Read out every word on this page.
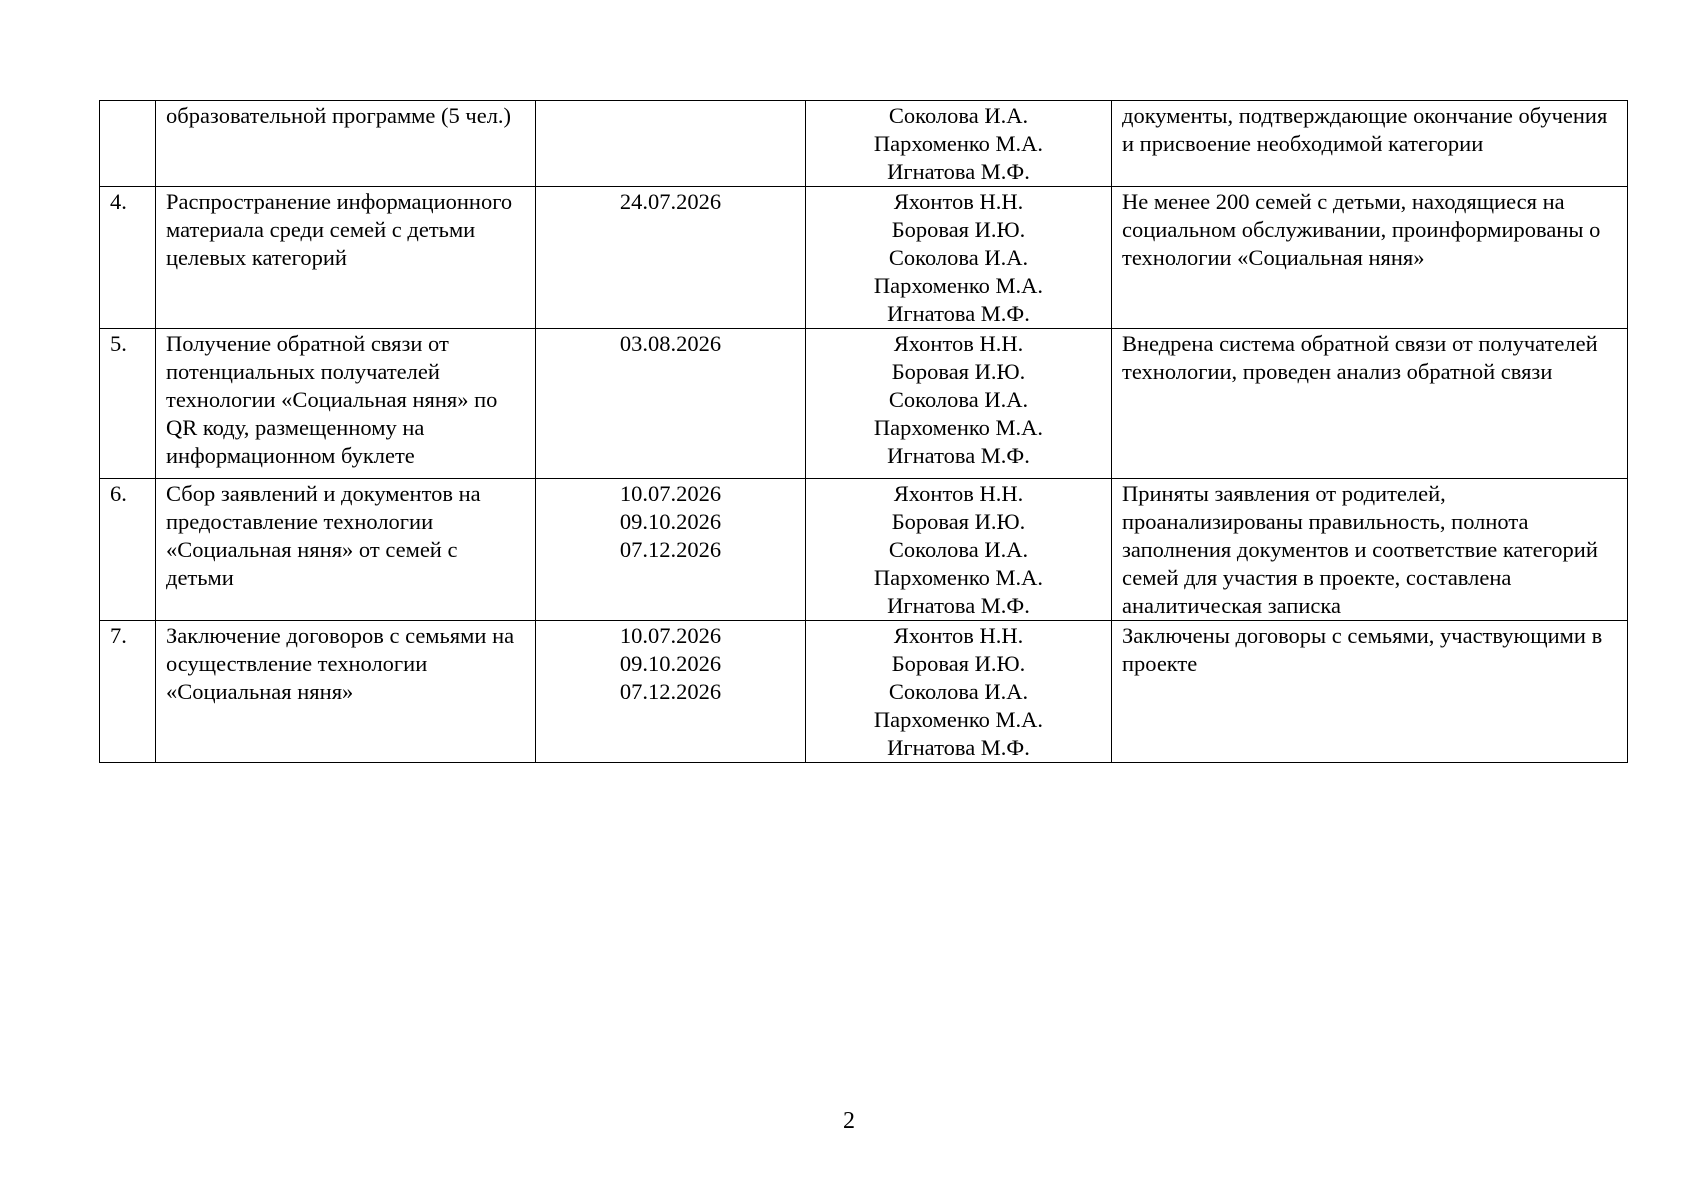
	образовательной программе (5 чел.)		Соколова И.А.
Пархоменко М.А.
Игнатова М.Ф.	документы, подтверждающие окончание обучения и присвоение необходимой категории
4.	Распространение информационного материала среди семей с детьми целевых категорий	24.07.2026	Яхонтов Н.Н.
Боровая И.Ю.
Соколова И.А.
Пархоменко М.А.
Игнатова М.Ф.	Не менее 200 семей с детьми, находящиеся на социальном обслуживании, проинформированы о технологии «Социальная няня»
5.	Получение обратной связи от потенциальных получателей технологии «Социальная няня» по QR коду, размещенному на информационном буклете	03.08.2026	Яхонтов Н.Н.
Боровая И.Ю.
Соколова И.А.
Пархоменко М.А.
Игнатова М.Ф.	Внедрена система обратной связи от получателей технологии, проведен анализ обратной связи
6.	Сбор заявлений и документов на предоставление технологии «Социальная няня» от семей с детьми	10.07.2026
09.10.2026
07.12.2026	Яхонтов Н.Н.
Боровая И.Ю.
Соколова И.А.
Пархоменко М.А.
Игнатова М.Ф.	Приняты заявления от родителей, проанализированы правильность, полнота заполнения документов и соответствие категорий семей для участия в проекте, составлена аналитическая записка
7.	Заключение договоров с семьями на осуществление технологии «Социальная няня»	10.07.2026
09.10.2026
07.12.2026	Яхонтов Н.Н.
Боровая И.Ю.
Соколова И.А.
Пархоменко М.А.
Игнатова М.Ф.	Заключены договоры с семьями, участвующими в проекте
2
